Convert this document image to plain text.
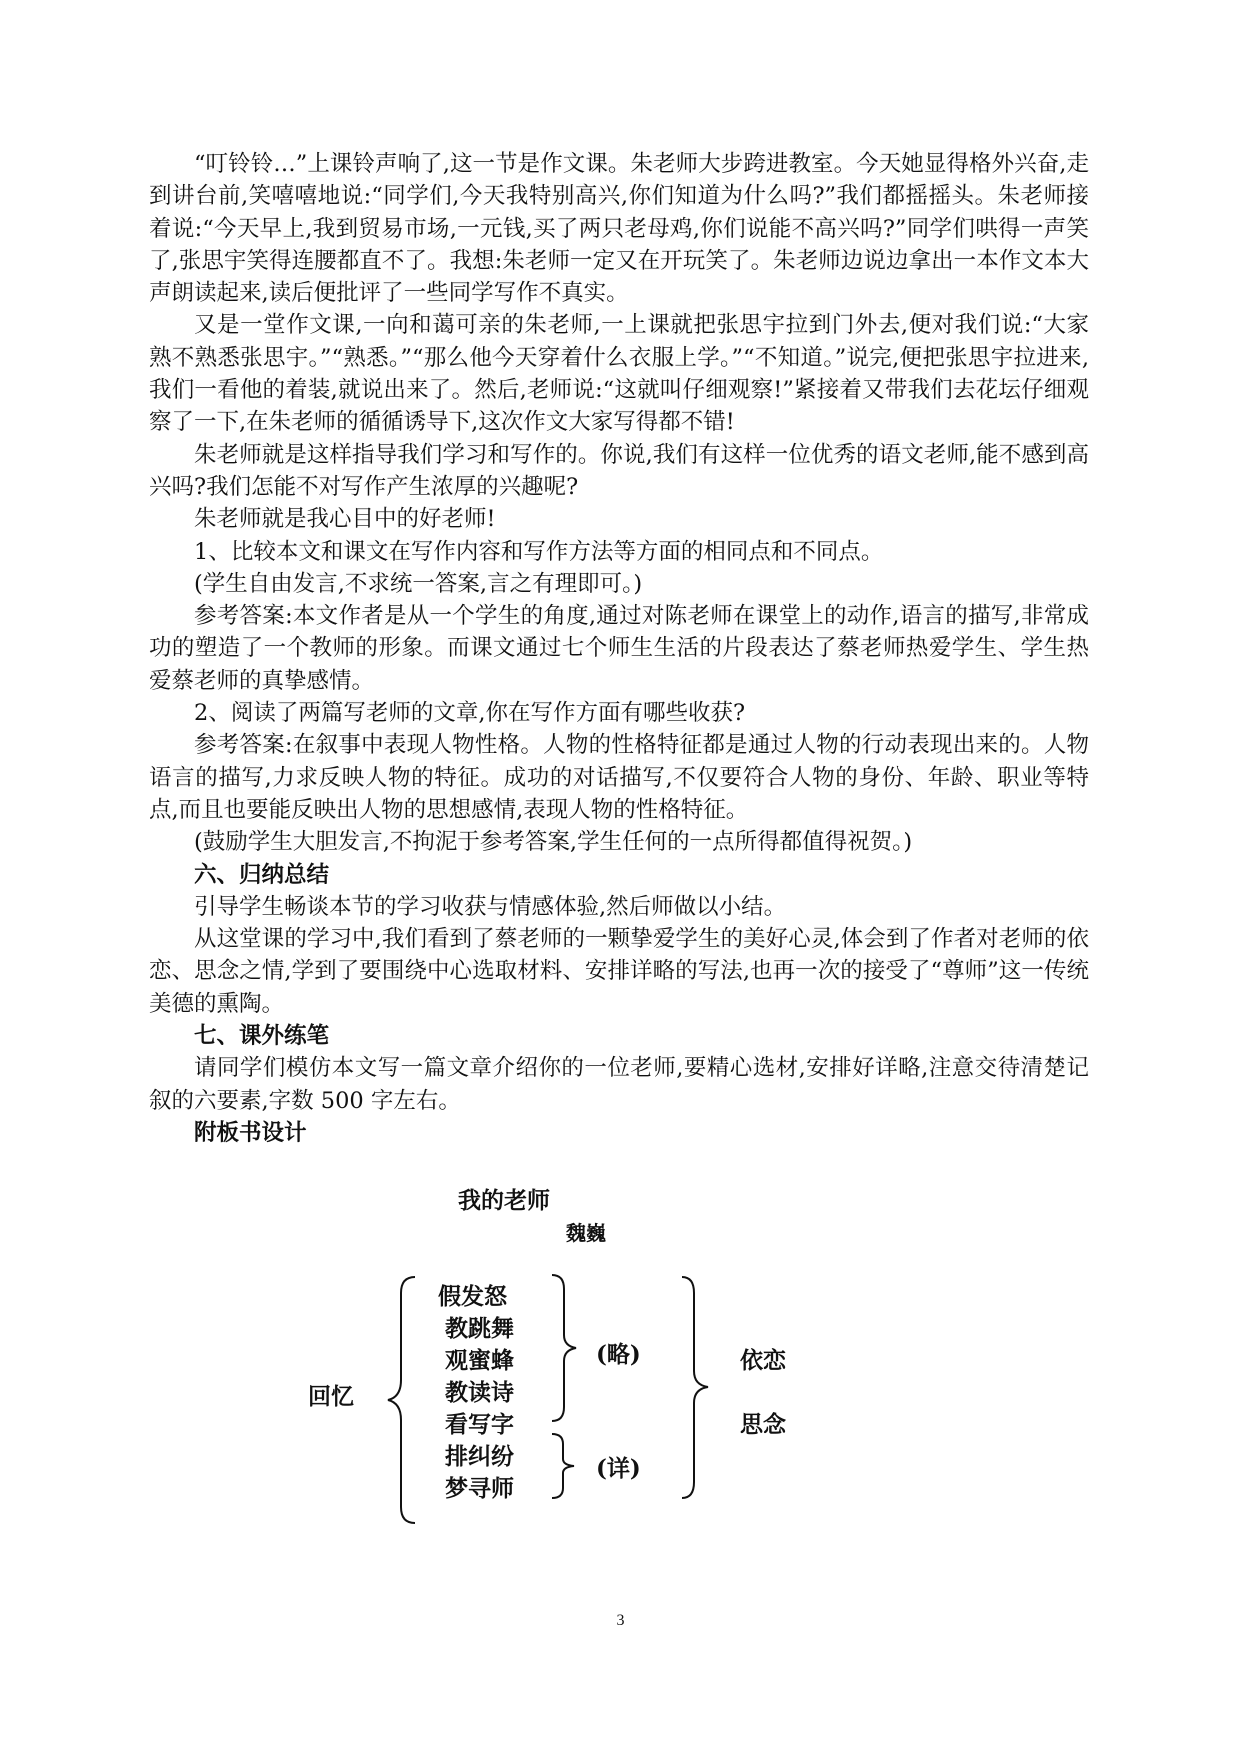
“叮铃铃…”上课铃声响了,这一节是作文课。朱老师大步跨进教室。今天她显得格外兴奋,走到讲台前,笑嘻嘻地说:“同学们,今天我特别高兴,你们知道为什么吗?”我们都摇摇头。朱老师接着说:“今天早上,我到贸易市场,一元钱,买了两只老母鸡,你们说能不高兴吗?”同学们哄得一声笑了,张思宇笑得连腰都直不了。我想:朱老师一定又在开玩笑了。朱老师边说边拿出一本作文本大声朗读起来,读后便批评了一些同学写作不真实。

又是一堂作文课,一向和蔼可亲的朱老师,一上课就把张思宇拉到门外去,便对我们说:“大家熟不熟悉张思宇。”“熟悉。”“那么他今天穿着什么衣服上学。”“不知道。”说完,便把张思宇拉进来,我们一看他的着装,就说出来了。然后,老师说:“这就叫仔细观察!”紧接着又带我们去花坛仔细观察了一下,在朱老师的循循诱导下,这次作文大家写得都不错!

朱老师就是这样指导我们学习和写作的。你说,我们有这样一位优秀的语文老师,能不感到高兴吗?我们怎能不对写作产生浓厚的兴趣呢?

朱老师就是我心目中的好老师!

1、比较本文和课文在写作内容和写作方法等方面的相同点和不同点。

(学生自由发言,不求统一答案,言之有理即可。)

参考答案:本文作者是从一个学生的角度,通过对陈老师在课堂上的动作,语言的描写,非常成功的塑造了一个教师的形象。而课文通过七个师生生活的片段表达了蔡老师热爱学生、学生热爱蔡老师的真挚感情。

2、阅读了两篇写老师的文章,你在写作方面有哪些收获?

参考答案:在叙事中表现人物性格。人物的性格特征都是通过人物的行动表现出来的。人物语言的描写,力求反映人物的特征。成功的对话描写,不仅要符合人物的身份、年龄、职业等特点,而且也要能反映出人物的思想感情,表现人物的性格特征。

(鼓励学生大胆发言,不拘泥于参考答案,学生任何的一点所得都值得祝贺。)

六、归纳总结

引导学生畅谈本节的学习收获与情感体验,然后师做以小结。

从这堂课的学习中,我们看到了蔡老师的一颗挚爱学生的美好心灵,体会到了作者对老师的依恋、思念之情,学到了要围绕中心选取材料、安排详略的写法,也再一次的接受了“尊师”这一传统美德的熏陶。

七、课外练笔

请同学们模仿本文写一篇文章介绍你的一位老师,要精心选材,安排好详略,注意交待清楚记叙的六要素,字数 500 字左右。

附板书设计

我的老师
魏巍
回忆
假发怒
教跳舞
观蜜蜂
教读诗
看写字
排纠纷
梦寻师
(略)
(详)
依恋
思念
3
